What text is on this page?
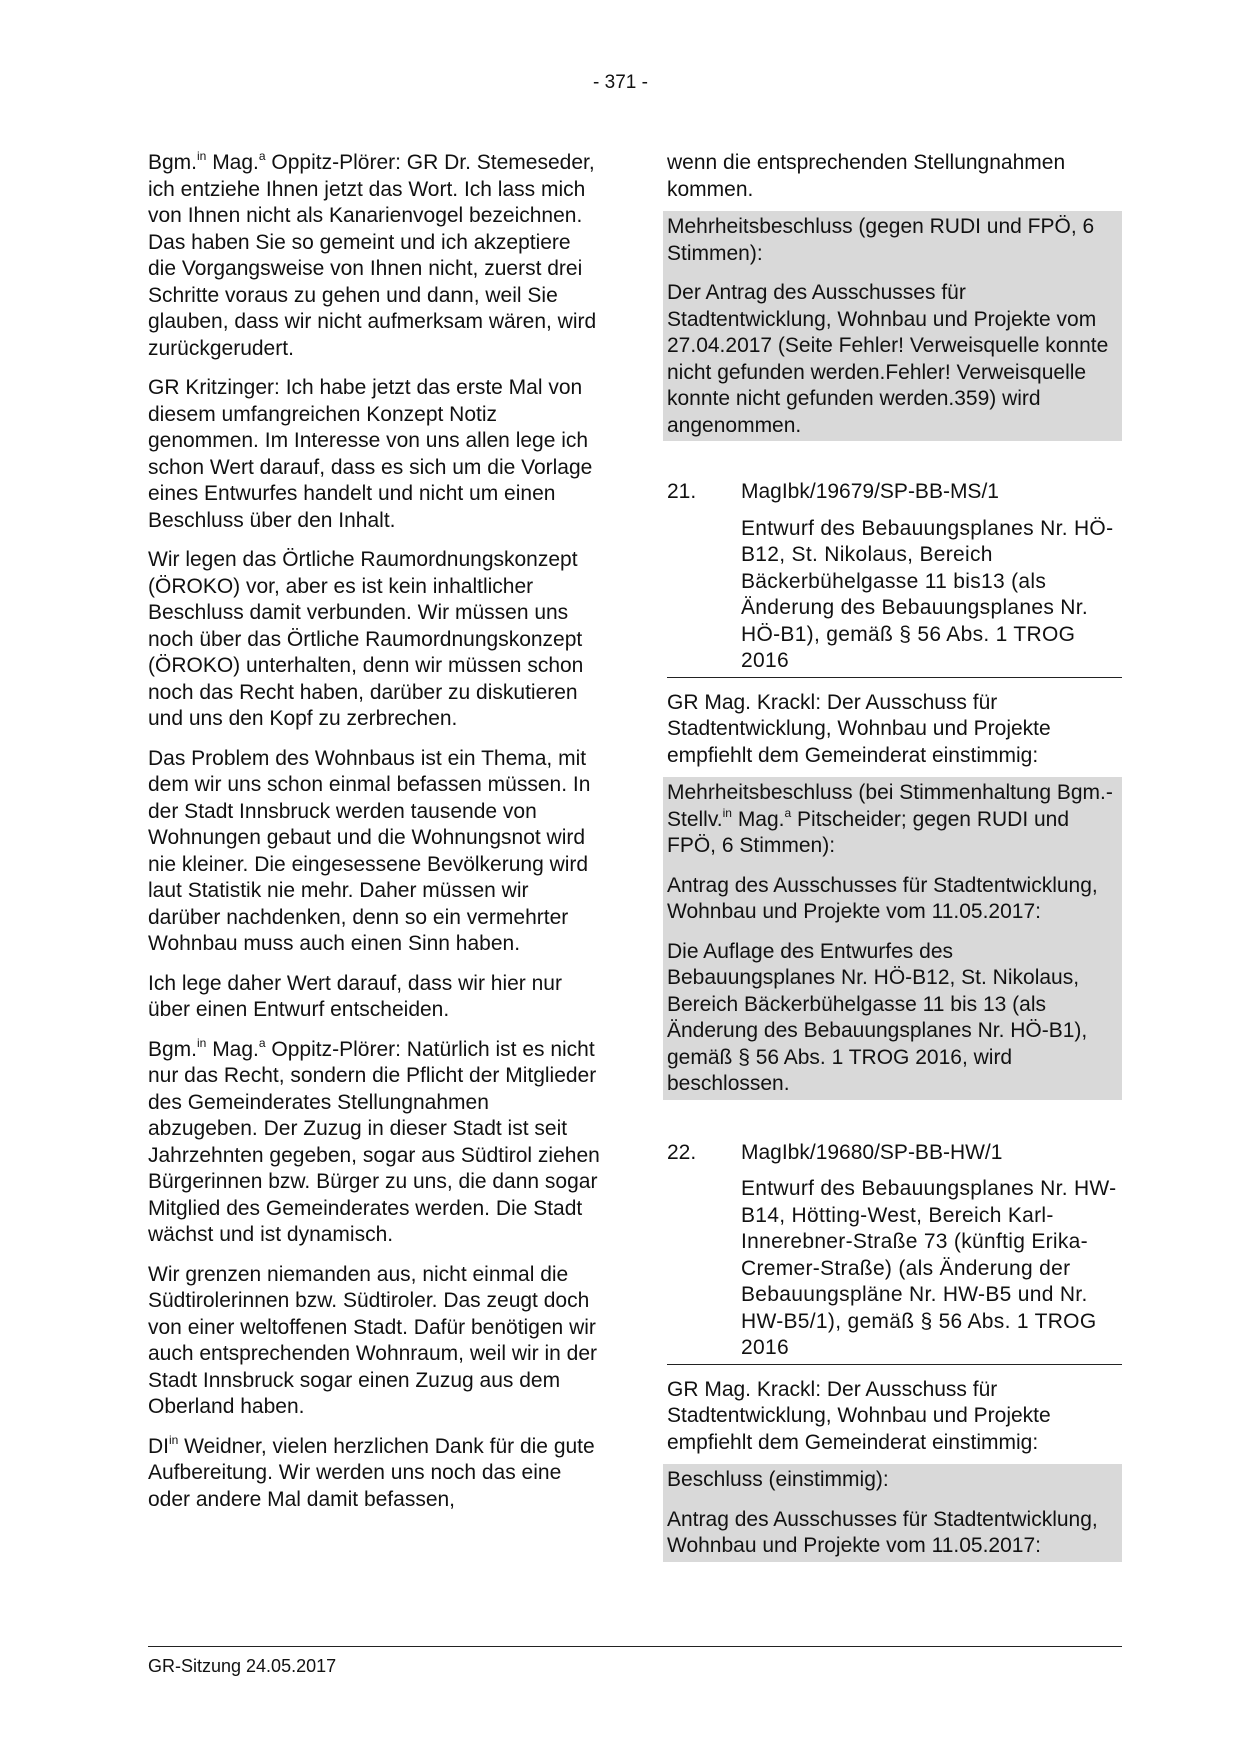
- 371 -

Bgm.$^{in}$ Mag.$^a$ Oppitz-Plörer: GR Dr. Stemeseder, ich entziehe Ihnen jetzt das Wort. Ich lass mich von Ihnen nicht als Kanarienvogel bezeichnen. Das haben Sie so gemeint und ich akzeptiere die Vorgangsweise von Ihnen nicht, zuerst drei Schritte voraus zu gehen und dann, weil Sie glauben, dass wir nicht aufmerksam wären, wird zurückgerudert.

GR Kritzinger: Ich habe jetzt das erste Mal von diesem umfangreichen Konzept Notiz genommen. Im Interesse von uns allen lege ich schon Wert darauf, dass es sich um die Vorlage eines Entwurfes handelt und nicht um einen Beschluss über den Inhalt.

Wir legen das Örtliche Raumordnungskonzept (ÖROKO) vor, aber es ist kein inhaltlicher Beschluss damit verbunden. Wir müssen uns noch über das Örtliche Raumordnungskonzept (ÖROKO) unterhalten, denn wir müssen schon noch das Recht haben, darüber zu diskutieren und uns den Kopf zu zerbrechen.

Das Problem des Wohnbaus ist ein Thema, mit dem wir uns schon einmal befassen müssen. In der Stadt Innsbruck werden tausende von Wohnungen gebaut und die Wohnungsnot wird nie kleiner. Die eingesessene Bevölkerung wird laut Statistik nie mehr. Daher müssen wir darüber nachdenken, denn so ein vermehrter Wohnbau muss auch einen Sinn haben.

Ich lege daher Wert darauf, dass wir hier nur über einen Entwurf entscheiden.

Bgm.$^{in}$ Mag.$^a$ Oppitz-Plörer: Natürlich ist es nicht nur das Recht, sondern die Pflicht der Mitglieder des Gemeinderates Stellungnahmen abzugeben. Der Zuzug in dieser Stadt ist seit Jahrzehnten gegeben, sogar aus Südtirol ziehen Bürgerinnen bzw. Bürger zu uns, die dann sogar Mitglied des Gemeinderates werden. Die Stadt wächst und ist dynamisch.

Wir grenzen niemanden aus, nicht einmal die Südtirolerinnen bzw. Südtiroler. Das zeugt doch von einer weltoffenen Stadt. Dafür benötigen wir auch entsprechenden Wohnraum, weil wir in der Stadt Innsbruck sogar einen Zuzug aus dem Oberland haben.

$DI^{in}$ Weidner, vielen herzlichen Dank für die gute Aufbereitung. Wir werden uns noch das eine oder andere Mal damit befassen,

wenn die entsprechenden Stellungnahmen kommen.

Mehrheitsbeschluss (gegen RUDI und FPÖ, 6 Stimmen):
Der Antrag des Ausschusses für Stadtentwicklung, Wohnbau und Projekte vom 27.04.2017 (Seite Fehler! Verweisquelle konnte nicht gefunden werden.Fehler! Verweisquelle konnte nicht gefunden werden.359) wird angenommen.
21.	MagIbk/19679/SP-BB-MS/1
Entwurf des Bebauungsplanes Nr. HÖ-B12, St. Nikolaus, Bereich Bäckerbühelgasse 11 bis13 (als Änderung des Bebauungsplanes Nr. HÖ-B1), gemäß § 56 Abs. 1 TROG 2016

GR Mag. Krackl: Der Ausschuss für Stadtentwicklung, Wohnbau und Projekte empfiehlt dem Gemeinderat einstimmig:

Mehrheitsbeschluss (bei Stimmenhaltung Bgm.-Stellv.$^{in}$ Mag.$^a$ Pitscheider; gegen RUDI und FPÖ, 6 Stimmen):
Antrag des Ausschusses für Stadtentwicklung, Wohnbau und Projekte vom 11.05.2017:
Die Auflage des Entwurfes des Bebauungsplanes Nr. HÖ-B12, St. Nikolaus, Bereich Bäckerbühelgasse 11 bis 13 (als Änderung des Bebauungsplanes Nr. HÖ-B1), gemäß § 56 Abs. 1 TROG 2016, wird beschlossen.
22.	MagIbk/19680/SP-BB-HW/1
Entwurf des Bebauungsplanes Nr. HW-B14, Hötting-West, Bereich Karl-Innerebner-Straße 73 (künftig Erika-Cremer-Straße) (als Änderung der Bebauungspläne Nr. HW-B5 und Nr. HW-B5/1), gemäß § 56 Abs. 1 TROG 2016

GR Mag. Krackl: Der Ausschuss für Stadtentwicklung, Wohnbau und Projekte empfiehlt dem Gemeinderat einstimmig:

Beschluss (einstimmig):
Antrag des Ausschusses für Stadtentwicklung, Wohnbau und Projekte vom 11.05.2017:
GR-Sitzung 24.05.2017
